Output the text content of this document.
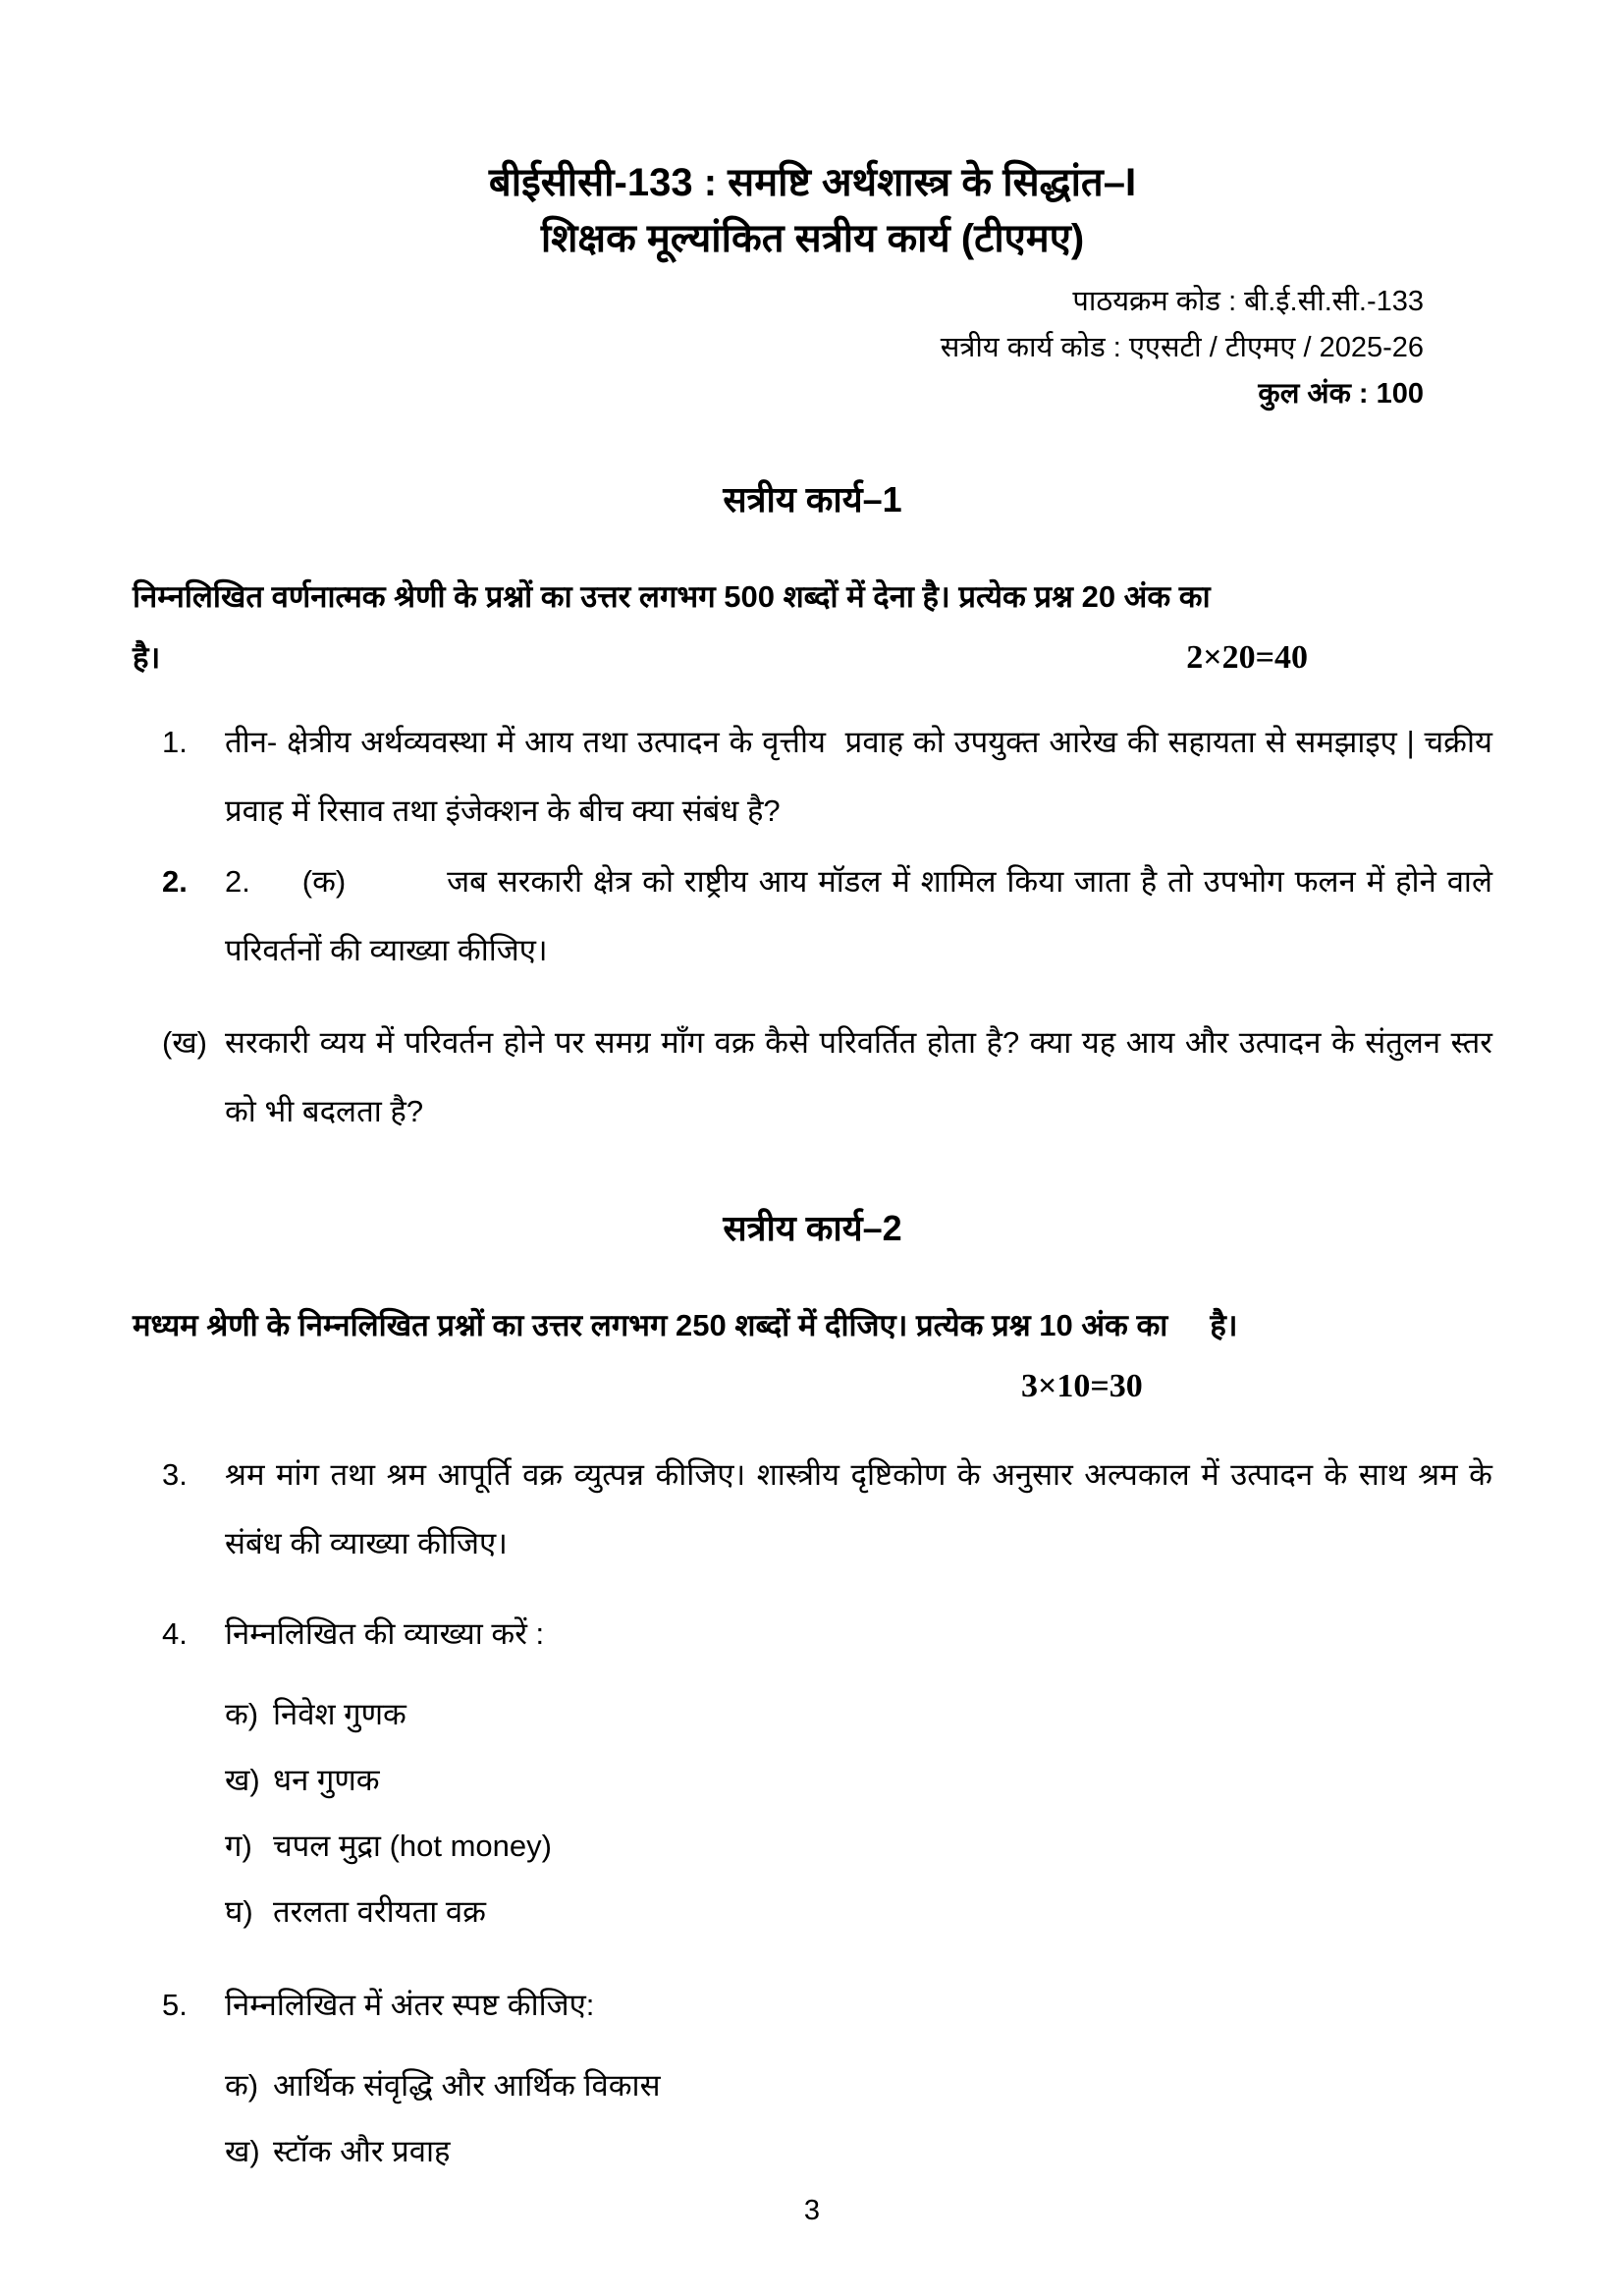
बीईसीसी-133 : समष्टि अर्थशास्त्र के सिद्धांत–I
शिक्षक मूल्यांकित सत्रीय कार्य (टीएमए)
पाठयक्रम कोड : बी.ई.सी.सी.-133
सत्रीय कार्य कोड : एएसटी / टीएमए / 2025-26
कुल अंक : 100
सत्रीय कार्य–1
निम्नलिखित वर्णनात्मक श्रेणी के प्रश्नों का उत्तर लगभग 500 शब्दों में देना है। प्रत्येक प्रश्न 20 अंक का
है।	2×20=40
1.	तीन- क्षेत्रीय अर्थव्यवस्था में आय तथा उत्पादन के वृत्तीय  प्रवाह को उपयुक्त आरेख की सहायता से समझाइए | चक्रीय प्रवाह में रिसाव तथा इंजेक्शन के बीच क्या संबंध है?
2.	2. (क)	जब सरकारी क्षेत्र को राष्ट्रीय आय मॉडल में शामिल किया जाता है तो उपभोग फलन में होने वाले परिवर्तनों की व्याख्या कीजिए।
(ख) सरकारी व्यय में परिवर्तन होने पर समग्र माँग वक्र कैसे परिवर्तित होता है? क्या यह आय और उत्पादन के संतुलन स्तर को भी बदलता है?
सत्रीय कार्य–2
मध्यम श्रेणी के निम्नलिखित प्रश्नों का उत्तर लगभग 250 शब्दों में दीजिए। प्रत्येक प्रश्न 10 अंक का     है।
3×10=30
3.	श्रम मांग तथा श्रम आपूर्ति वक्र व्युत्पन्न कीजिए। शास्त्रीय दृष्टिकोण के अनुसार अल्पकाल में उत्पादन के साथ श्रम के संबंध की व्याख्या कीजिए।
4.	निम्नलिखित की व्याख्या करें :
क) निवेश गुणक
ख) धन गुणक
ग) चपल मुद्रा (hot money)
घ) तरलता वरीयता वक्र
5.	निम्नलिखित में अंतर स्पष्ट कीजिए:
क) आर्थिक संवृद्धि और आर्थिक विकास
ख) स्टॉक और प्रवाह
3
